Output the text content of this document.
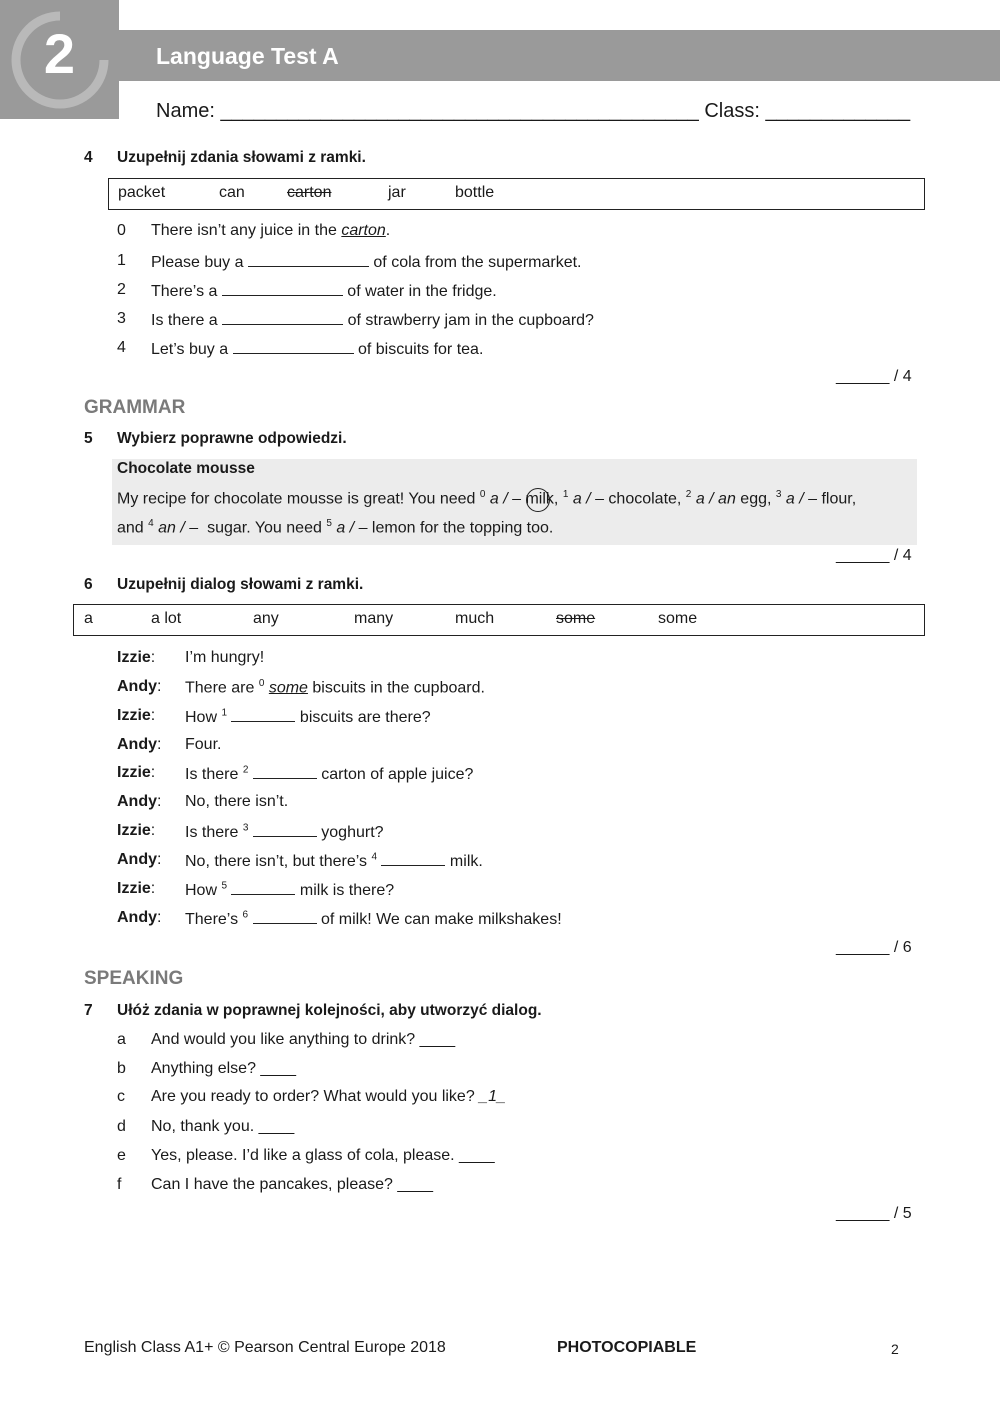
2	Language Test A
Name: ___________________________________________ Class: _____________
4 Uzupełnij zdania słowami z ramki.
packet	can	carton	jar	bottle
0 There isn’t any juice in the carton.
1 Please buy a	of cola from the supermarket.
2 There’s a	of water in the fridge.
3 Is there a	of strawberry jam in the cupboard?
4 Let’s buy a	of biscuits for tea.
______ / 4
GRAMMAR
5 Wybierz poprawne odpowiedzi.
Chocolate mousse
My recipe for chocolate mousse is great! You need $^0$ a / – milk, $^1$ a / – chocolate, $^2$ a / an egg, $^3$ a / – flour,
and $^4$ an / –  sugar. You need $^5$ a / – lemon for the topping too.
______ / 4
6 Uzupełnij dialog słowami z ramki.
a	a lot	any	many	much	some	some
Izzie: I’m hungry!
Andy: There are $^0$ some biscuits in the cupboard.
Izzie: How $^1$	biscuits are there?
Andy: Four.
Izzie: Is there $^2$	carton of apple juice?
Andy: No, there isn’t.
Izzie: Is there $^3$	yoghurt?
Andy: No, there isn’t, but there’s $^4$	milk.
Izzie: How $^5$	milk is there?
Andy: There’s $^6$	of milk! We can make milkshakes!
______ / 6
SPEAKING
7 Ułóż zdania w poprawnej kolejności, aby utworzyć dialog.
a And would you like anything to drink? ____
b Anything else? ____
c Are you ready to order? What would you like? _1_
d No, thank you. ____
e Yes, please. I’d like a glass of cola, please. ____
f Can I have the pancakes, please? ____
______ / 5
English Class A1+ © Pearson Central Europe 2018	PHOTOCOPIABLE	2
